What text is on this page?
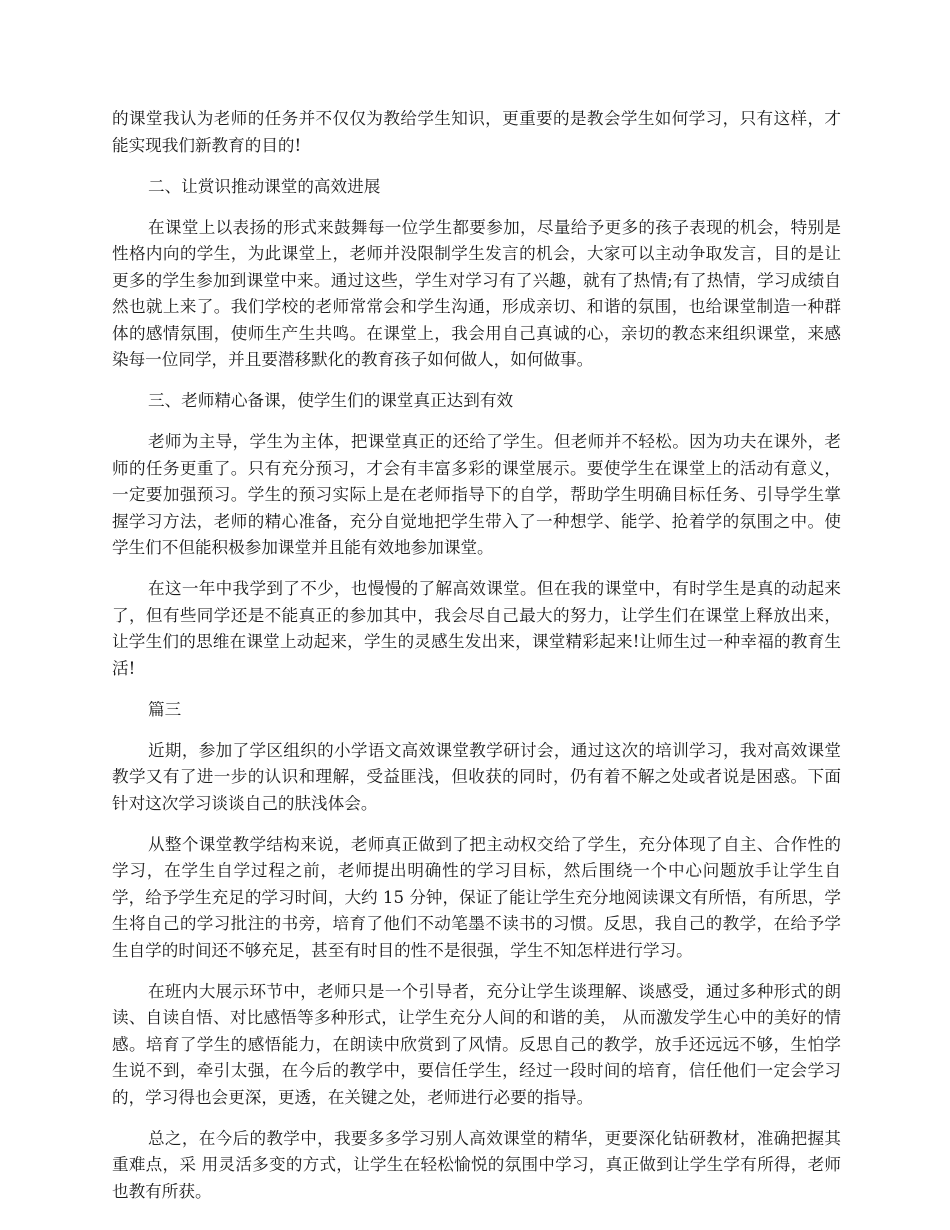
的课堂我认为老师的任务并不仅仅为教给学生知识，更重要的是教会学生如何学习，只有这样，才能实现我们新教育的目的!

二、让赏识推动课堂的高效进展

在课堂上以表扬的形式来鼓舞每一位学生都要参加，尽量给予更多的孩子表现的机会，特别是性格内向的学生，为此课堂上，老师并没限制学生发言的机会，大家可以主动争取发言，目的是让更多的学生参加到课堂中来。通过这些，学生对学习有了兴趣，就有了热情;有了热情，学习成绩自然也就上来了。我们学校的老师常常会和学生沟通，形成亲切、和谐的氛围，也给课堂制造一种群体的感情氛围，使师生产生共鸣。在课堂上，我会用自己真诚的心，亲切的教态来组织课堂，来感染每一位同学，并且要潜移默化的教育孩子如何做人，如何做事。

三、老师精心备课，使学生们的课堂真正达到有效

老师为主导，学生为主体，把课堂真正的还给了学生。但老师并不轻松。因为功夫在课外，老师的任务更重了。只有充分预习，才会有丰富多彩的课堂展示。要使学生在课堂上的活动有意义，一定要加强预习。学生的预习实际上是在老师指导下的自学，帮助学生明确目标任务、引导学生掌握学习方法，老师的精心准备，充分自觉地把学生带入了一种想学、能学、抢着学的氛围之中。使学生们不但能积极参加课堂并且能有效地参加课堂。

在这一年中我学到了不少，也慢慢的了解高效课堂。但在我的课堂中，有时学生是真的动起来了，但有些同学还是不能真正的参加其中，我会尽自己最大的努力，让学生们在课堂上释放出来，让学生们的思维在课堂上动起来，学生的灵感生发出来，课堂精彩起来!让师生过一种幸福的教育生活!

篇三

近期，参加了学区组织的小学语文高效课堂教学研讨会，通过这次的培训学习，我对高效课堂教学又有了进一步的认识和理解，受益匪浅，但收获的同时，仍有着不解之处或者说是困惑。下面针对这次学习谈谈自己的肤浅体会。

从整个课堂教学结构来说，老师真正做到了把主动权交给了学生，充分体现了自主、合作性的学习，在学生自学过程之前，老师提出明确性的学习目标，然后围绕一个中心问题放手让学生自学，给予学生充足的学习时间，大约 15 分钟，保证了能让学生充分地阅读课文有所悟，有所思，学生将自己的学习批注的书旁，培育了他们不动笔墨不读书的习惯。反思，我自己的教学，在给予学生自学的时间还不够充足，甚至有时目的性不是很强，学生不知怎样进行学习。

在班内大展示环节中，老师只是一个引导者，充分让学生谈理解、谈感受，通过多种形式的朗读、自读自悟、对比感悟等多种形式，让学生充分人间的和谐的美， 从而激发学生心中的美好的情感。培育了学生的感悟能力，在朗读中欣赏到了风情。反思自己的教学，放手还远远不够，生怕学生说不到，牵引太强，在今后的教学中，要信任学生，经过一段时间的培育，信任他们一定会学习的，学习得也会更深，更透，在关键之处，老师进行必要的指导。

总之，在今后的教学中，我要多多学习别人高效课堂的精华，更要深化钻研教材，准确把握其重难点，采 用灵活多变的方式，让学生在轻松愉悦的氛围中学习，真正做到让学生学有所得，老师也教有所获。
